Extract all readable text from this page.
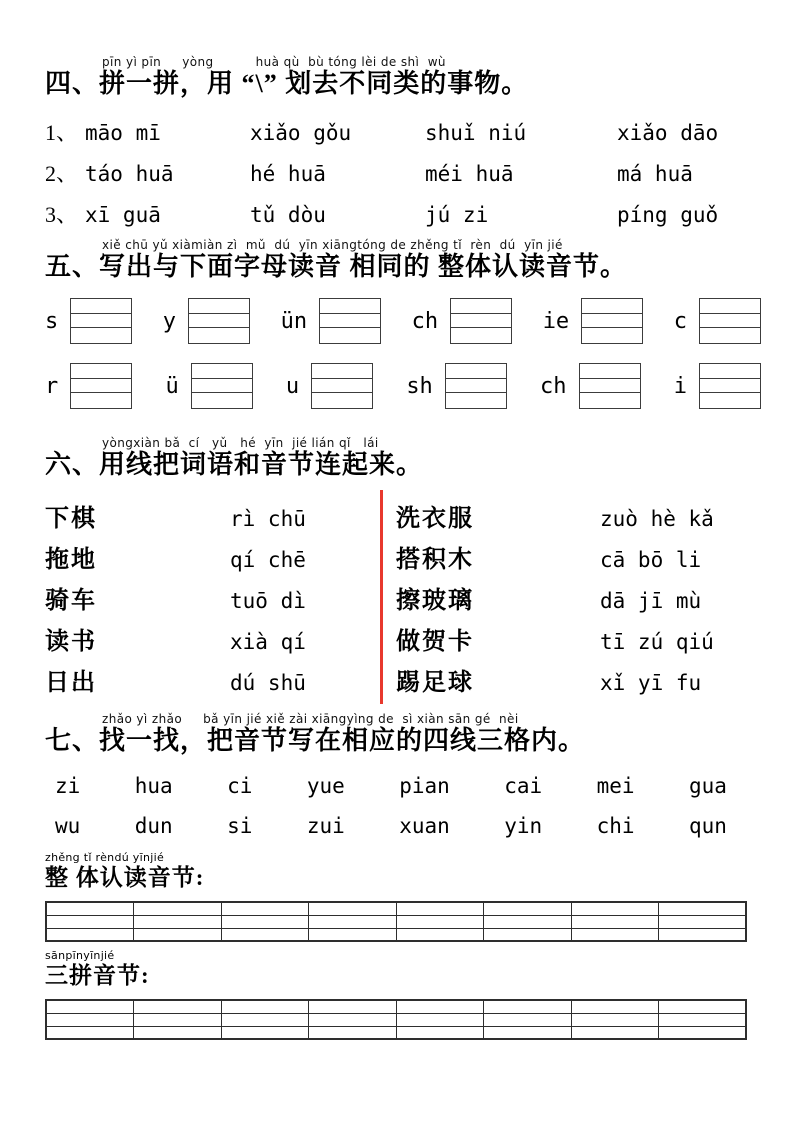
pīn yì pīn     yòng          huà qù  bù tóng lèi de shì  wù
四、拼一拼，用 “\” 划去不同类的事物。
1、 māo mī	xiǎo gǒu	shuǐ niú	xiǎo dāo
2、 táo huā	hé huā	méi huā	má huā
3、 xī guā	tǔ dòu	jú zi	píng guǒ
xiě chū yǔ xiàmiàn zì  mǔ  dú  yīn xiāngtóng de zhěng tǐ  rèn  dú  yīn jié
五、写出与下面字母读音 相同的 整体认读音节。
s	y	ün	ch	ie	c
r	ü	u	sh	ch	i
yòngxiàn bǎ  cí   yǔ   hé  yīn  jié lián qǐ   lái
六、用线把词语和音节连起来。
下棋	rì chū	洗衣服	zuò hè kǎ
拖地	qí chē	搭积木	cā bō li
骑车	tuō dì	擦玻璃	dā jī mù
读书	xià qí	做贺卡	tī zú qiú
日出	dú shū	踢足球	xǐ yī fu
zhǎo yì zhǎo     bǎ yīn jié xiě zài xiāngyìng de  sì xiàn sān gé  nèi
七、找一找，把音节写在相应的四线三格内。
zi	hua	ci	yue	pian	cai	mei	gua
wu	dun	si	zui	xuan	yin	chi	qun
zhěng tǐ rèndú yīnjié
整 体认读音节:

sānpīnyīnjié
三拼音节:
